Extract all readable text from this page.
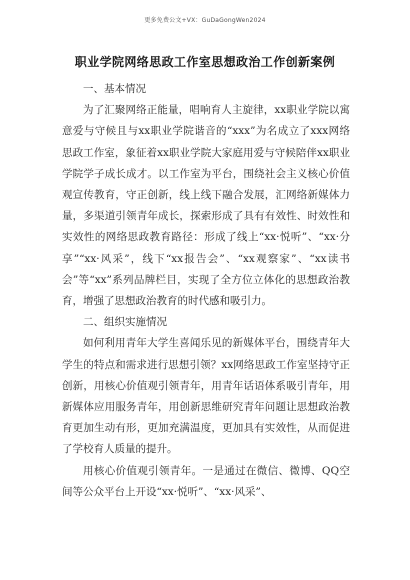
更多免费公文+VX：GuDaGongWen2024
职业学院网络思政工作室思想政治工作创新案例

一、基本情况

为了汇聚网络正能量，唱响育人主旋律，xx职业学院以寓意爱与守候且与xx职业学院谐音的“xxx”为名成立了xxx网络思政工作室，象征着xx职业学院大家庭用爱与守候陪伴xx职业学院学子成长成才。以工作室为平台，围绕社会主义核心价值观宣传教育，守正创新，线上线下融合发展，汇网络新媒体力量，多渠道引领青年成长，探索形成了具有有效性、时效性和实效性的网络思政教育路径：形成了线上“xx·悦听”、“xx·分享”“xx·风采”，线下“xx报告会”、“xx观察家”、“xx读书会”等“xx”系列品牌栏目，实现了全方位立体化的思想政治教育，增强了思想政治教育的时代感和吸引力。

二、组织实施情况

如何利用青年大学生喜闻乐见的新媒体平台，围绕青年大学生的特点和需求进行思想引领？xx网络思政工作室坚持守正创新，用核心价值观引领青年，用青年话语体系吸引青年，用新媒体应用服务青年，用创新思维研究青年问题让思想政治教育更加生动有形，更加充满温度，更加具有实效性，从而促进了学校育人质量的提升。

用核心价值观引领青年。一是通过在微信、微博、QQ空间等公众平台上开设“xx·悦听”、“xx·风采”、
